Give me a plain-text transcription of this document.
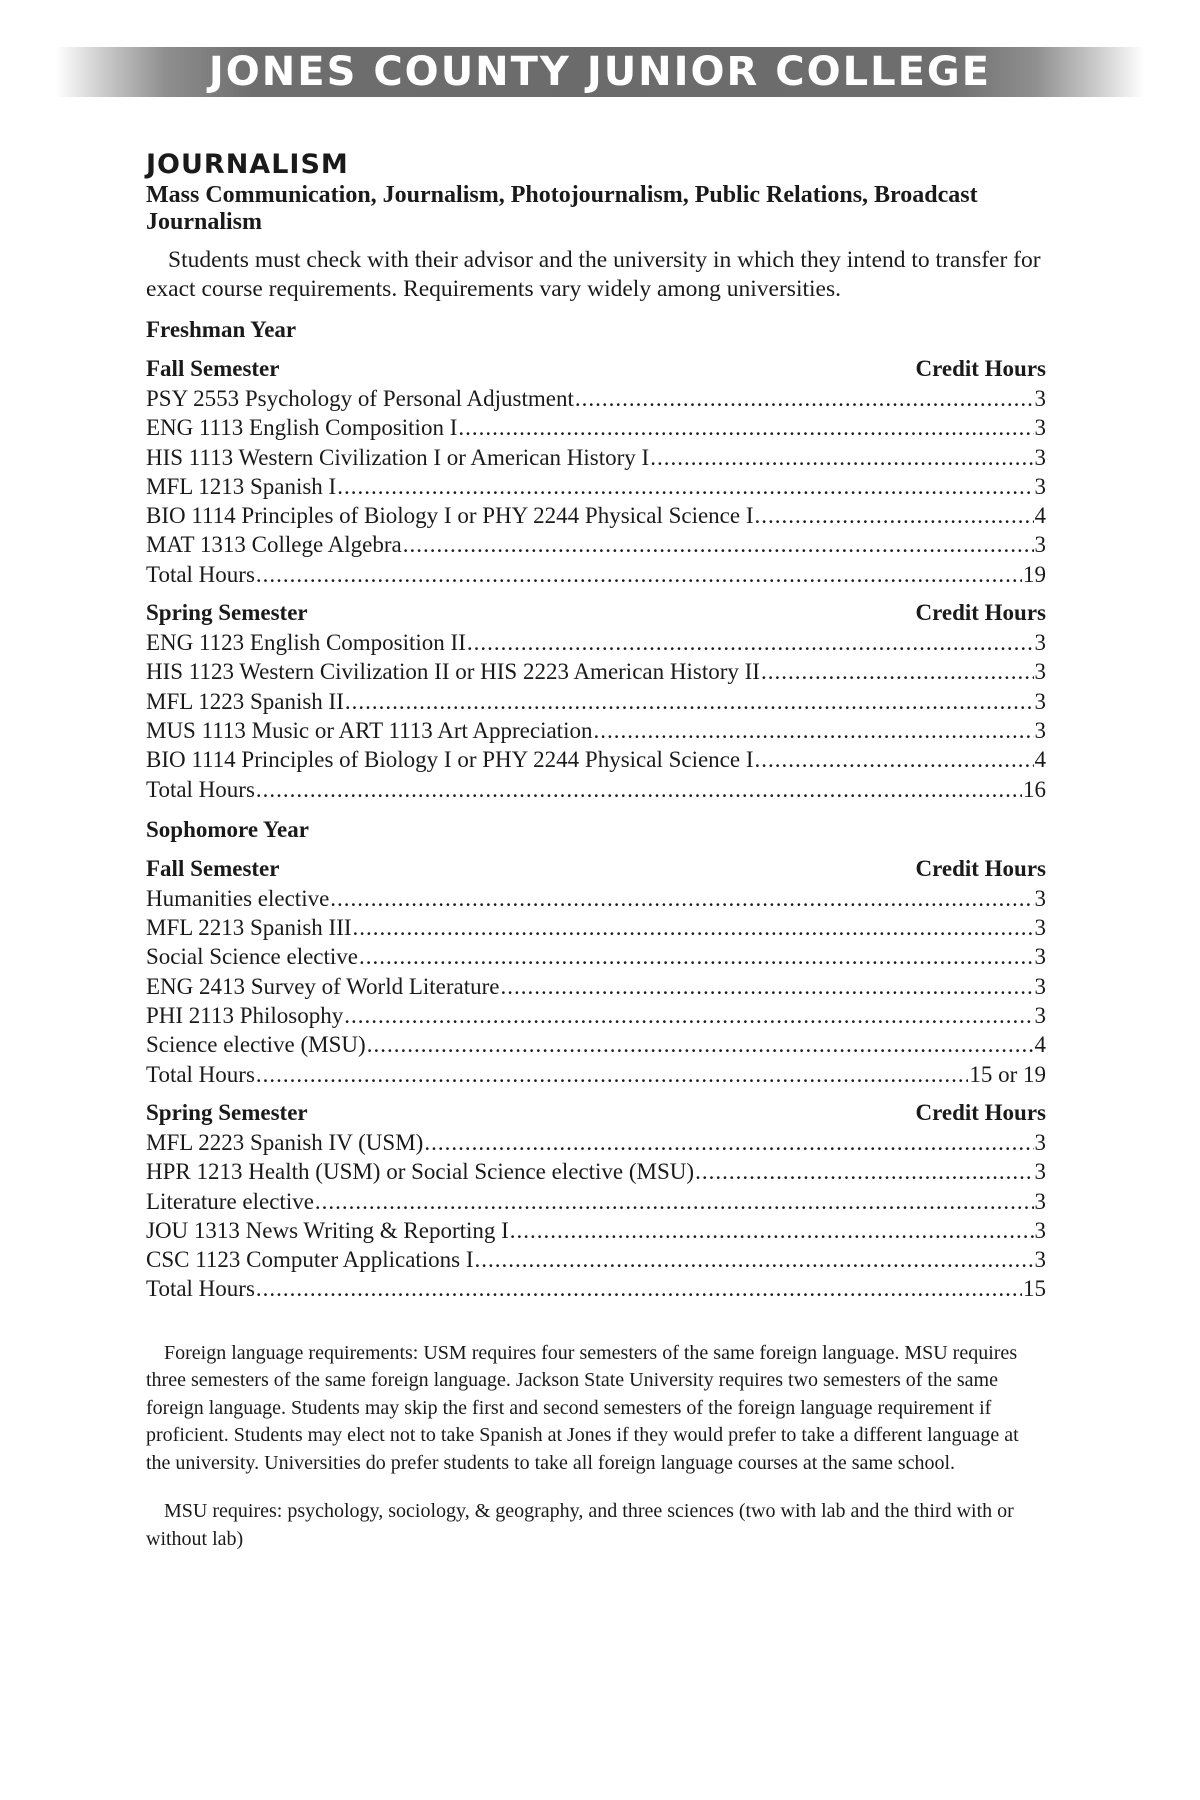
JONES COUNTY JUNIOR COLLEGE
JOURNALISM

Mass Communication, Journalism, Photojournalism, Public Relations, Broadcast Journalism

Students must check with their advisor and the university in which they intend to transfer for exact course requirements. Requirements vary widely among universities.

Freshman Year
Fall Semester	Credit Hours
PSY 2553 Psychology of Personal Adjustment .....	3
ENG 1113 English Composition I .....	3
HIS 1113 Western Civilization I or American History I .....	3
MFL 1213 Spanish I .....	3
BIO 1114 Principles of Biology I or PHY 2244 Physical Science I .....	4
MAT 1313 College Algebra .....	3
Total Hours .....	19
Spring Semester	Credit Hours
ENG 1123 English Composition II .....	3
HIS 1123 Western Civilization II or HIS 2223 American History II .....	3
MFL 1223 Spanish II .....	3
MUS 1113 Music or ART 1113 Art Appreciation .....	3
BIO 1114 Principles of Biology I or PHY 2244 Physical Science I .....	4
Total Hours .....	16
Sophomore Year
Fall Semester	Credit Hours
Humanities elective .....	3
MFL 2213 Spanish III .....	3
Social Science elective .....	3
ENG 2413 Survey of World Literature .....	3
PHI 2113 Philosophy .....	3
Science elective (MSU) .....	4
Total Hours .....	15 or 19
Spring Semester	Credit Hours
MFL 2223 Spanish IV (USM) .....	3
HPR 1213 Health (USM) or Social Science elective (MSU) .....	3
Literature elective .....	3
JOU 1313 News Writing & Reporting I .....	3
CSC 1123 Computer Applications I .....	3
Total Hours .....	15

Foreign language requirements: USM requires four semesters of the same foreign language. MSU requires three semesters of the same foreign language. Jackson State University requires two semesters of the same foreign language. Students may skip the first and second semesters of the foreign language requirement if proficient. Students may elect not to take Spanish at Jones if they would prefer to take a different language at the university. Universities do prefer students to take all foreign language courses at the same school.

MSU requires: psychology, sociology, & geography, and three sciences (two with lab and the third with or without lab)
